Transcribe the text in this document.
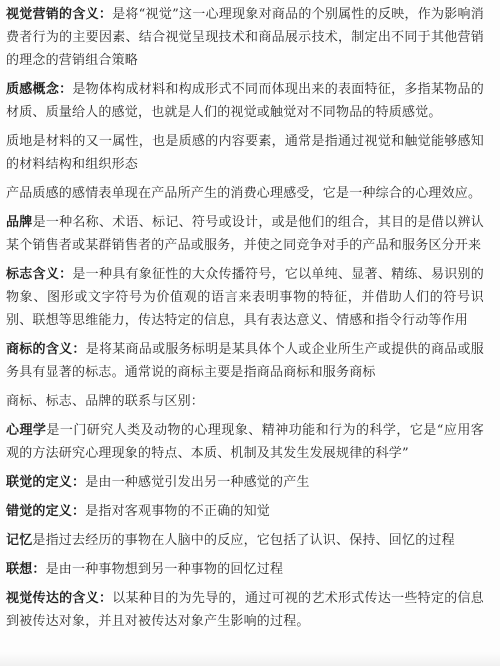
视觉营销的含义：是将“视觉”这一心理现象对商品的个别属性的反映，作为影响消费者行为的主要因素、结合视觉呈现技术和商品展示技术，制定出不同于其他营销的理念的营销组合策略

质感概念：是物体构成材料和构成形式不同而体现出来的表面特征，多指某物品的材质、质量给人的感觉，也就是人们的视觉或触觉对不同物品的特质感觉。

质地是材料的又一属性，也是质感的内容要素，通常是指通过视觉和触觉能够感知的材料结构和组织形态

产品质感的感情表单现在产品所产生的消费心理感受，它是一种综合的心理效应。

品牌是一种名称、术语、标记、符号或设计，或是他们的组合，其目的是借以辨认某个销售者或某群销售者的产品或服务，并使之同竞争对手的产品和服务区分开来

标志含义：是一种具有象征性的大众传播符号，它以单纯、显著、精练、易识别的物象、图形或文字符号为价值观的语言来表明事物的特征，并借助人们的符号识别、联想等思维能力，传达特定的信息，具有表达意义、情感和指令行动等作用

商标的含义：是将某商品或服务标明是某具体个人或企业所生产或提供的商品或服务具有显著的标志。通常说的商标主要是指商品商标和服务商标

商标、标志、品牌的联系与区别：

心理学是一门研究人类及动物的心理现象、精神功能和行为的科学，它是“应用客观的方法研究心理现象的特点、本质、机制及其发生发展规律的科学”

联觉的定义：是由一种感觉引发出另一种感觉的产生

错觉的定义：是指对客观事物的不正确的知觉

记忆是指过去经历的事物在人脑中的反应，它包括了认识、保持、回忆的过程

联想：是由一种事物想到另一种事物的回忆过程

视觉传达的含义：以某种目的为先导的，通过可视的艺术形式传达一些特定的信息到被传达对象，并且对被传达对象产生影响的过程。
